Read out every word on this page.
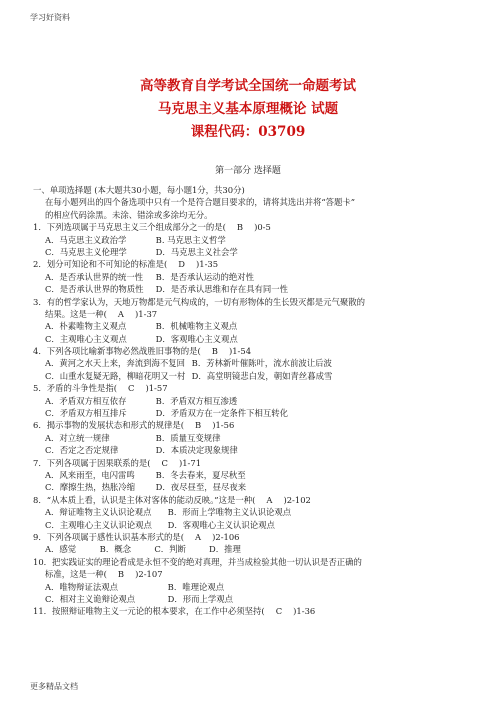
学习好资料
高等教育自学考试全国统一命题考试
马克思主义基本原理概论 试题
课程代码：03709
第一部分 选择题
一、单项选择题 (本大题共30小题，每小题1分，共30分)
在每小题列出的四个备选项中只有一个是符合题目要求的，请将其选出并将“答题卡”
的相应代码涂黑。未涂、错涂或多涂均无分。
1．下列选项属于马克思主义三个组成部分之一的是(　 B　 )0-5
A．马克思主义政治学	B. 马克思主义哲学
C．马克思主义伦理学	D．马克思主义社会学
2．划分可知论和不可知论的标准是(　 D　 )1-35
A．是否承认世界的统一性 B．是否承认运动的绝对性
C．是否承认世界的物质性 D．是否承认思维和存在具有同一性
3．有的哲学家认为，天地万物都是元气构成的，一切有形物体的生长毁灭都是元气聚散的
结果。这是一种(　 A　 )1-37
A．朴素唯物主义观点	B．机械唯物主义观点
C．主观唯心主义观点	D．客观唯心主义观点
4．下列各项比喻新事物必然战胜旧事物的是(　 B　 )1-54
A．黄河之水天上来，奔流到海不复回 B．芳林新叶催陈叶，流水前波让后波
C．山重水复疑无路，柳暗花明又一村 D．高堂明镜悲白发，朝如青丝暮成雪
5．矛盾的斗争性是指(　 C　 )1-57
A．矛盾双方相互依存	B．矛盾双方相互渗透
C．矛盾双方相互排斥	D．矛盾双方在一定条件下相互转化
6．揭示事物的发展状态和形式的规律是(　 B　 )1-56
A．对立统一规律	B．质量互变规律
C．否定之否定规律	D．本质决定现象规律
7．下列各项属于因果联系的是(　 C　 )1-71
A．风来雨至，电闪雷鸣 B．冬去春来，夏尽秋至
C．摩擦生热，热胀冷缩 D．夜尽昼至，昼尽夜来
8．“从本质上看，认识是主体对客体的能动反映。”这是一种(　 A　 )2-102
A．辩证唯物主义认识论观点 B．形而上学唯物主义认识论观点
C．主观唯心主义认识论观点 D．客观唯心主义认识论观点
9．下列各项属于感性认识基本形式的是(　 A　 )2-106
A．感觉	B．概念	C．判断	D．推理
10．把实践证实的理论看成是永恒不变的绝对真理，并当成检验其他一切认识是否正确的
标准，这是一种(　 B　 )2-107
A．唯物辩证法观点	B．唯理论观点
C．相对主义诡辩论观点	D．形而上学观点
11．按照辩证唯物主义一元论的根本要求，在工作中必须坚持(　 C　 )1-36
更多精品文档
